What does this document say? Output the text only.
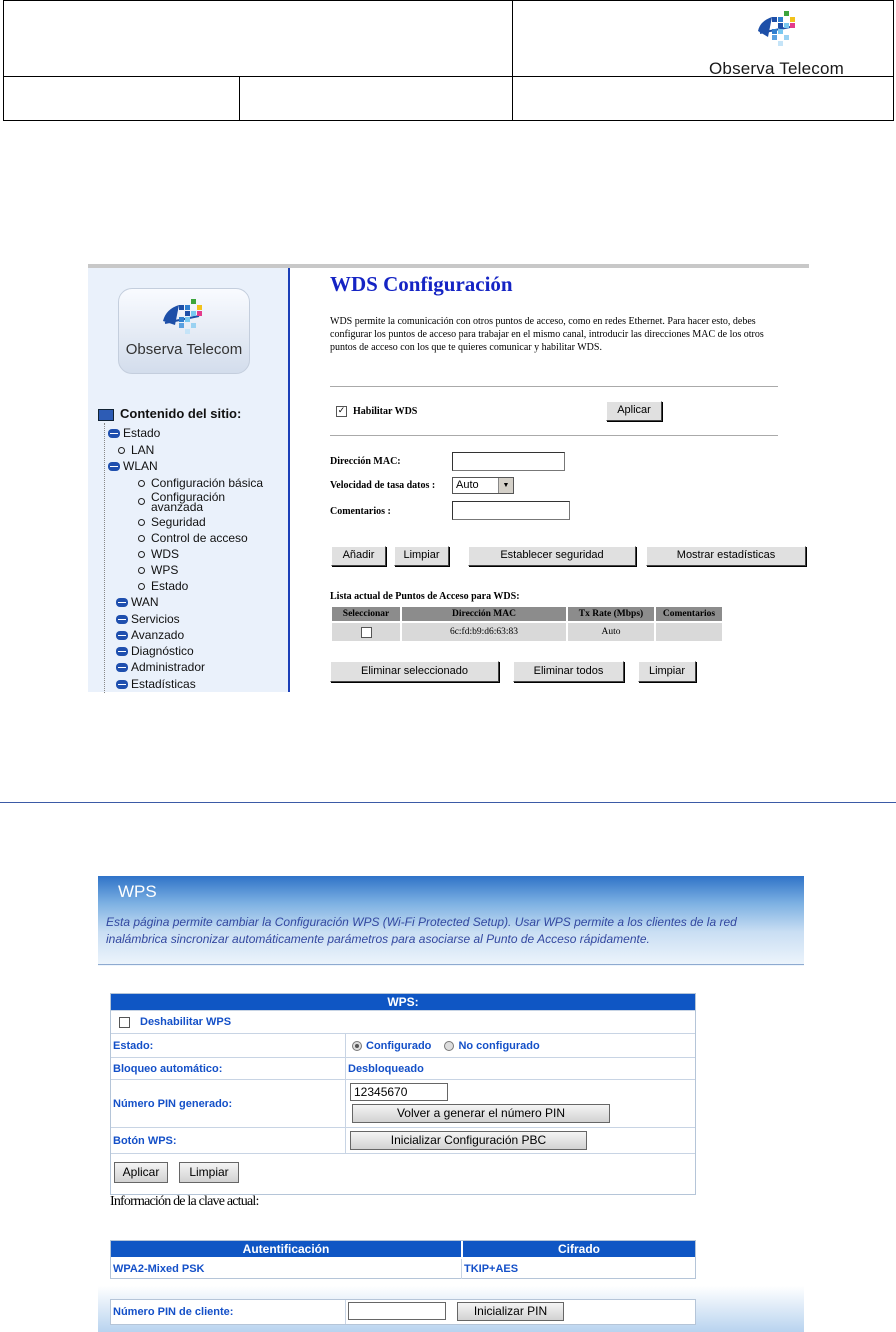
		Observa Telecom

Observa Telecom
Contenido del sitio:
Estado
LAN
WLAN
Configuración básica
Configuración
avanzada
Seguridad
Control de acceso
WDS
WPS
Estado
WAN
Servicios
Avanzado
Diagnóstico
Administrador
Estadísticas
WDS Configuración
WDS permite la comunicación con otros puntos de acceso, como en redes Ethernet. Para hacer esto, debes configurar los puntos de acceso para trabajar en el mismo canal, introducir las direcciones MAC de los otros puntos de acceso con los que te quieres comunicar y habilitar WDS.
✓ Habilitar WDS	Aplicar
Dirección MAC:
Velocidad de tasa datos :	Auto	▼
Comentarios :
Añadir	Limpiar	Establecer seguridad	Mostrar estadísticas
Lista actual de Puntos de Acceso para WDS:
Seleccionar	Dirección MAC	Tx Rate (Mbps)	Comentarios
	6c:fd:b9:d6:63:83	Auto	
Eliminar seleccionado	Eliminar todos	Limpiar
WPS
Esta página permite cambiar la Configuración WPS (Wi-Fi Protected Setup). Usar WPS permite a los clientes de la red inalámbrica sincronizar automáticamente parámetros para asociarse al Punto de Acceso rápidamente.
WPS:
Deshabilitar WPS
Estado:	Configurado No configurado
Bloqueo automático:	Desbloqueado
Número PIN generado:
12345670
Volver a generar el número PIN
Botón WPS:	Inicializar Configuración PBC
Aplicar	Limpiar
Información de la clave actual:
Autentificación	Cifrado
WPA2-Mixed PSK	TKIP+AES
Número PIN de cliente:	Inicializar PIN
